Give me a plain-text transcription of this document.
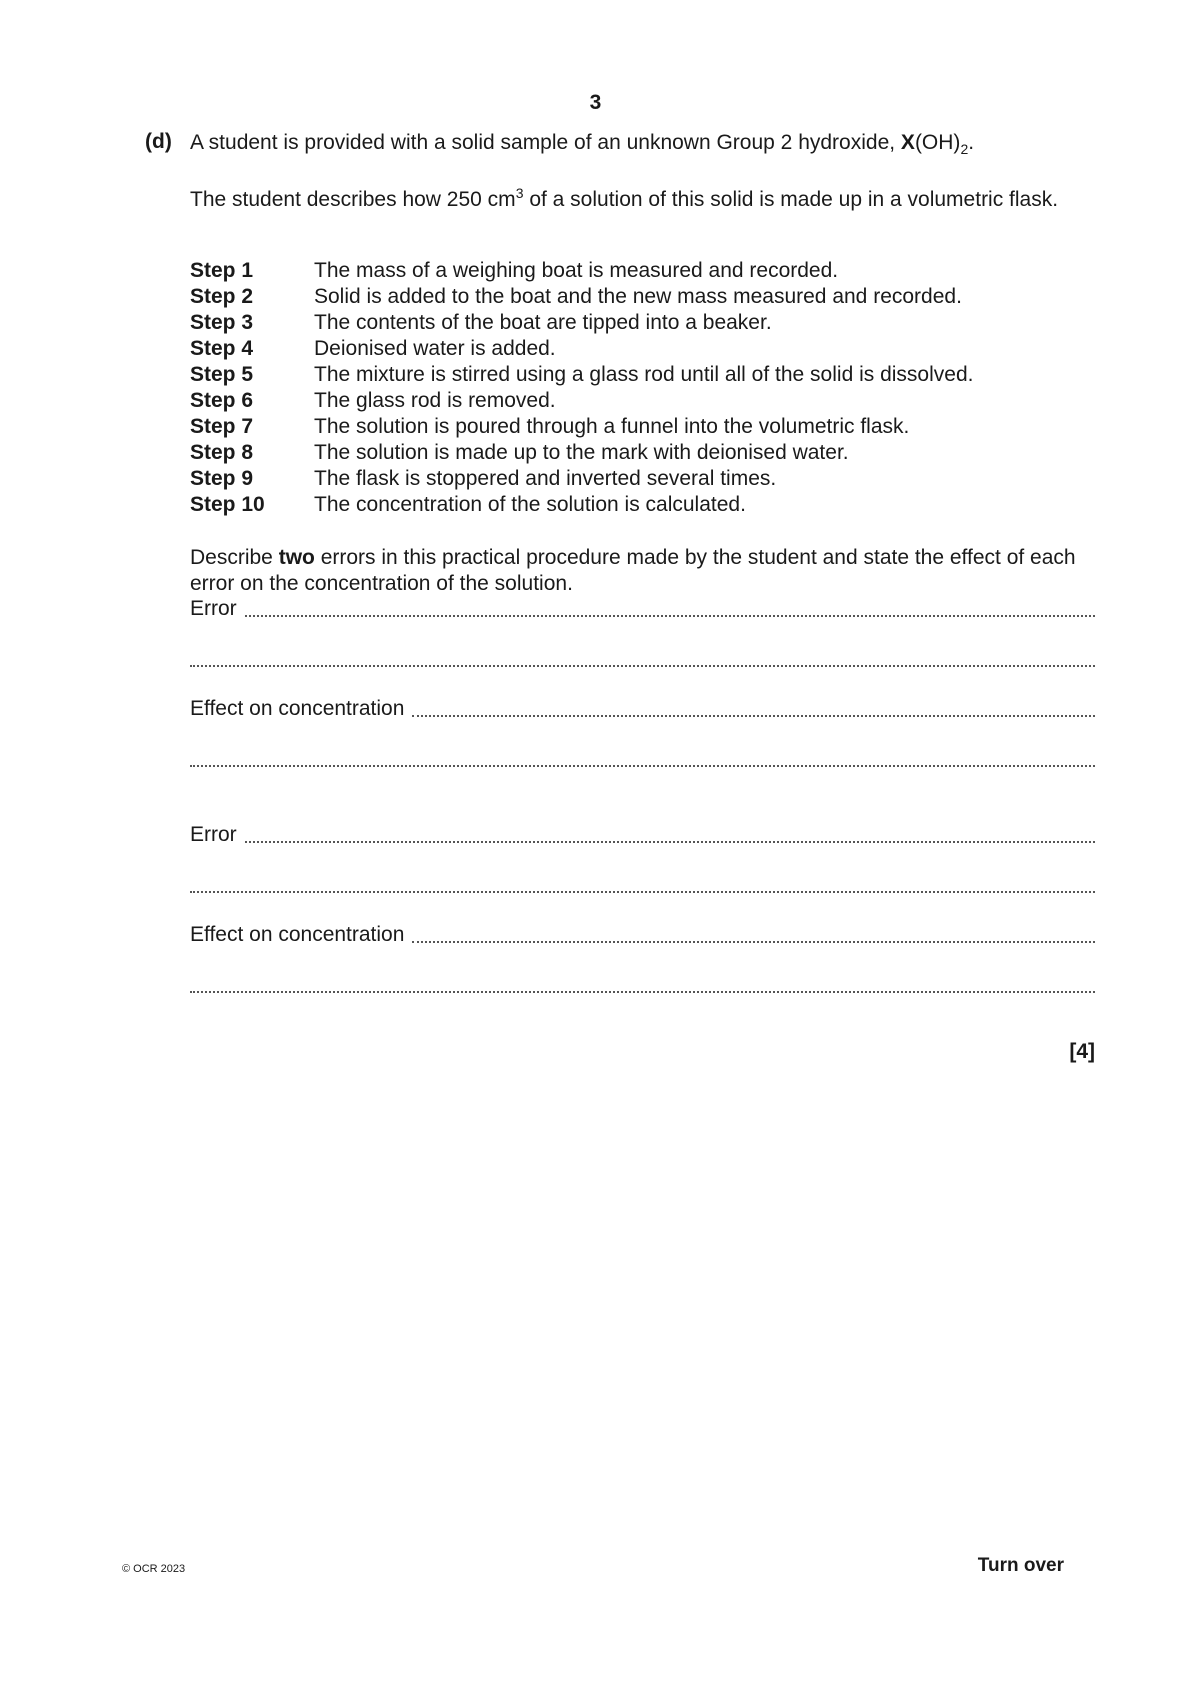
3
(d) A student is provided with a solid sample of an unknown Group 2 hydroxide, $X(OH)_2$.
The student describes how 250 $cm^3$ of a solution of this solid is made up in a volumetric flask.
Step 1	The mass of a weighing boat is measured and recorded.
Step 2	Solid is added to the boat and the new mass measured and recorded.
Step 3	The contents of the boat are tipped into a beaker.
Step 4	Deionised water is added.
Step 5	The mixture is stirred using a glass rod until all of the solid is dissolved.
Step 6	The glass rod is removed.
Step 7	The solution is poured through a funnel into the volumetric flask.
Step 8	The solution is made up to the mark with deionised water.
Step 9	The flask is stoppered and inverted several times.
Step 10 The concentration of the solution is calculated.
Describe two errors in this practical procedure made by the student and state the effect of each error on the concentration of the solution.
Error
Effect on concentration
Error
Effect on concentration
[4]
© OCR 2023	Turn over
